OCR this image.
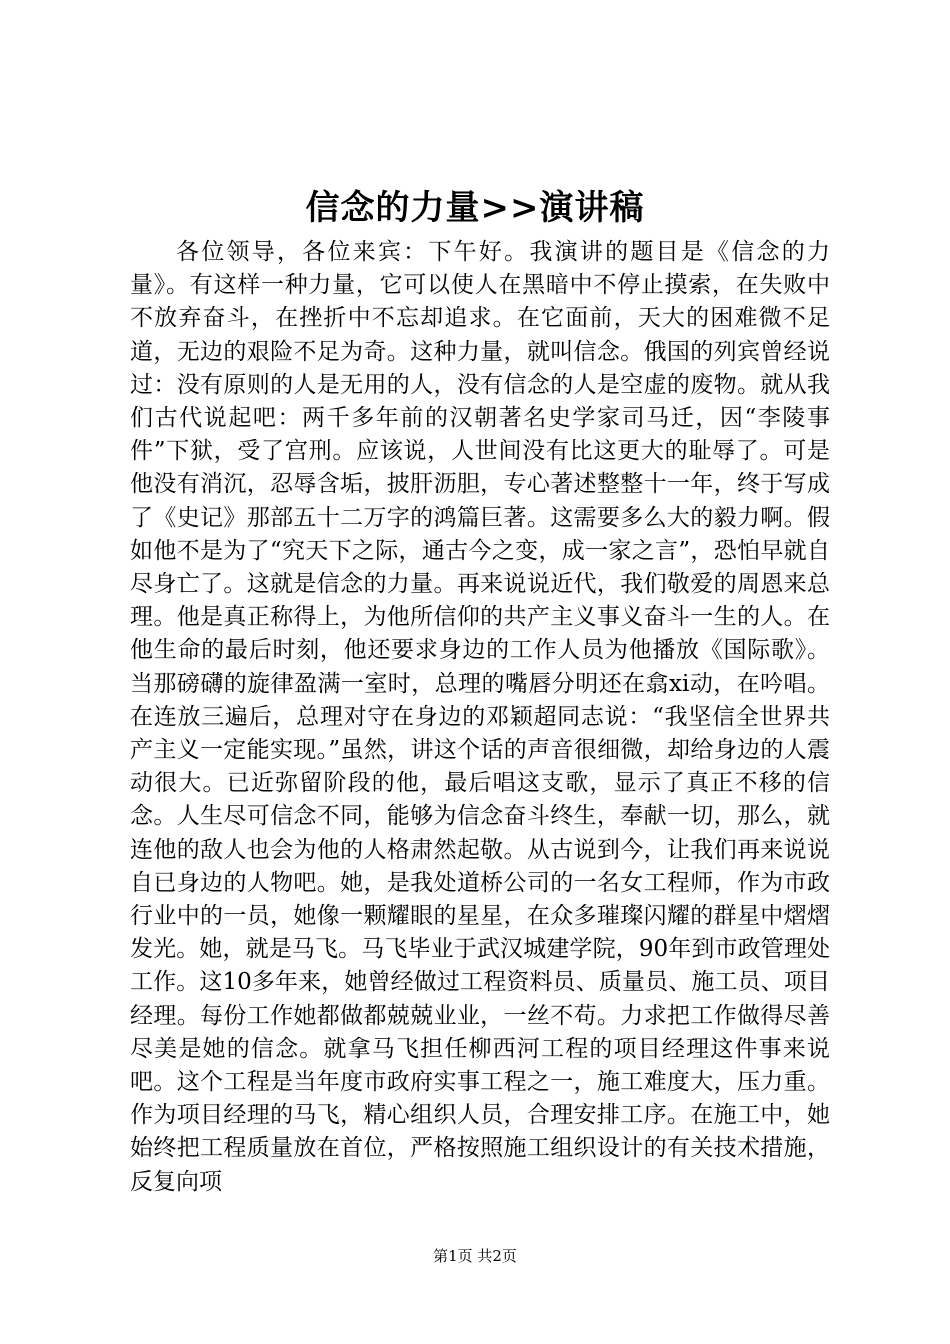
信念的力量>>演讲稿

各位领导，各位来宾：下午好。我演讲的题目是《信念的力量》。有这样一种力量，它可以使人在黑暗中不停止摸索，在失败中不放弃奋斗，在挫折中不忘却追求。在它面前，天大的困难微不足道，无边的艰险不足为奇。这种力量，就叫信念。俄国的列宾曾经说过：没有原则的人是无用的人，没有信念的人是空虚的废物。就从我们古代说起吧：两千多年前的汉朝著名史学家司马迁，因“李陵事件”下狱，受了宫刑。应该说，人世间没有比这更大的耻辱了。可是他没有消沉，忍辱含垢，披肝沥胆，专心著述整整十一年，终于写成了《史记》那部五十二万字的鸿篇巨著。这需要多么大的毅力啊。假如他不是为了“究天下之际，通古今之变，成一家之言”，恐怕早就自尽身亡了。这就是信念的力量。再来说说近代，我们敬爱的周恩来总理。他是真正称得上，为他所信仰的共产主义事义奋斗一生的人。在他生命的最后时刻，他还要求身边的工作人员为他播放《国际歌》。当那磅礴的旋律盈满一室时，总理的嘴唇分明还在翕xi动，在吟唱。在连放三遍后，总理对守在身边的邓颖超同志说：“我坚信全世界共产主义一定能实现。”虽然，讲这个话的声音很细微，却给身边的人震动很大。已近弥留阶段的他，最后唱这支歌，显示了真正不移的信念。人生尽可信念不同，能够为信念奋斗终生，奉献一切，那么，就连他的敌人也会为他的人格肃然起敬。从古说到今，让我们再来说说自已身边的人物吧。她，是我处道桥公司的一名女工程师，作为市政行业中的一员，她像一颗耀眼的星星，在众多璀璨闪耀的群星中熠熠发光。她，就是马飞。马飞毕业于武汉城建学院，90年到市政管理处工作。这10多年来，她曾经做过工程资料员、质量员、施工员、项目经理。每份工作她都做都兢兢业业，一丝不苟。力求把工作做得尽善尽美是她的信念。就拿马飞担任柳西河工程的项目经理这件事来说吧。这个工程是当年度市政府实事工程之一，施工难度大，压力重。作为项目经理的马飞，精心组织人员，合理安排工序。在施工中，她始终把工程质量放在首位，严格按照施工组织设计的有关技术措施，反复向项

第1页 共2页
